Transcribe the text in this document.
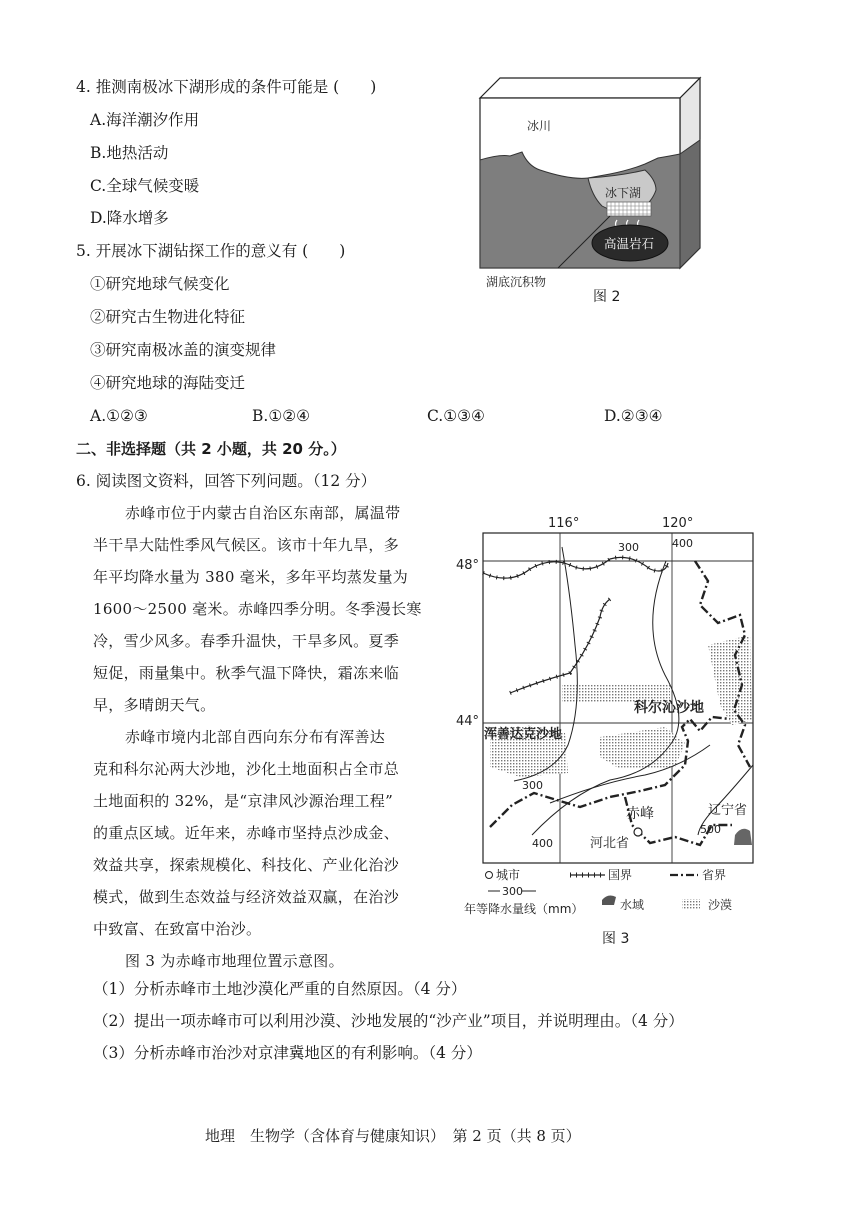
4. 推测南极冰下湖形成的条件可能是 (　　)
A.海洋潮汐作用
B.地热活动
C.全球气候变暖
D.降水增多
5. 开展冰下湖钻探工作的意义有 (　　)
①研究地球气候变化
②研究古生物进化特征
③研究南极冰盖的演变规律
④研究地球的海陆变迁
A.①②③	B.①②④	C.①③④	D.②③④
冰川
冰下湖
高温岩石
湖底沉积物
图 2
二、非选择题（共 2 小题，共 20 分。）
6. 阅读图文资料，回答下列问题。（12 分）
赤峰市位于内蒙古自治区东南部，属温带
半干旱大陆性季风气候区。该市十年九旱，多
年平均降水量为 380 毫米，多年平均蒸发量为
1600～2500 毫米。赤峰四季分明。冬季漫长寒
冷，雪少风多。春季升温快，干旱多风。夏季
短促，雨量集中。秋季气温下降快，霜冻来临
早，多晴朗天气。
赤峰市境内北部自西向东分布有浑善达
克和科尔沁两大沙地，沙化土地面积占全市总
土地面积的 32%，是“京津风沙源治理工程”
的重点区域。近年来，赤峰市坚持点沙成金、
效益共享，探索规模化、科技化、产业化治沙
模式，做到生态效益与经济效益双赢，在治沙
中致富、在致富中治沙。
图 3 为赤峰市地理位置示意图。
116°	120°
48°
44°
300	400
300
400
500
科尔沁沙地
浑善达克沙地
赤峰	辽宁省
河北省
城市	国界	省界
300
年等降水量线（mm）	水域	沙漠
图 3
（1）分析赤峰市土地沙漠化严重的自然原因。（4 分）
（2）提出一项赤峰市可以利用沙漠、沙地发展的“沙产业”项目，并说明理由。（4 分）
（3）分析赤峰市治沙对京津冀地区的有利影响。（4 分）
地理　生物学（含体育与健康知识）　第 2 页（共 8 页）
